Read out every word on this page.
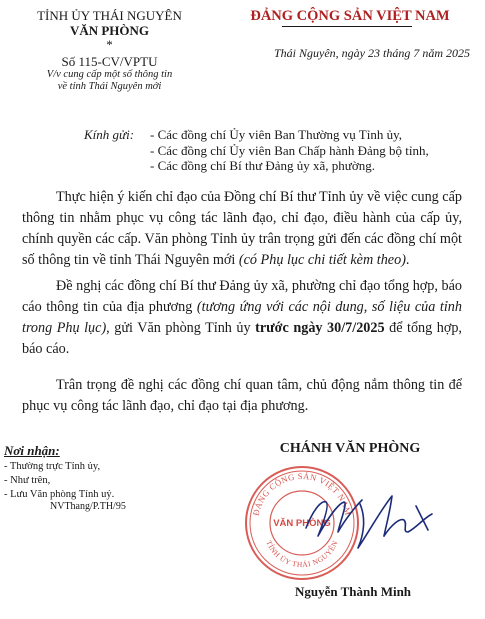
TỈNH ỦY THÁI NGUYÊN
VĂN PHÒNG
*
Số 115-CV/VPTU
V/v cung cấp một số thông tin
về tỉnh Thái Nguyên mới
ĐẢNG CỘNG SẢN VIỆT NAM
Thái Nguyên, ngày 23 tháng 7 năm 2025
Kính gửi: - Các đồng chí Ủy viên Ban Thường vụ Tỉnh ủy,
- Các đồng chí Ủy viên Ban Chấp hành Đảng bộ tỉnh,
- Các đồng chí Bí thư Đảng ủy xã, phường.
Thực hiện ý kiến chỉ đạo của Đồng chí Bí thư Tỉnh ủy về việc cung cấp thông tin nhằm phục vụ công tác lãnh đạo, chỉ đạo, điều hành của cấp ủy, chính quyền các cấp. Văn phòng Tỉnh ủy trân trọng gửi đến các đồng chí một số thông tin về tỉnh Thái Nguyên mới (có Phụ lục chi tiết kèm theo).
Đề nghị các đồng chí Bí thư Đảng ủy xã, phường chỉ đạo tổng hợp, báo cáo thông tin của địa phương (tương ứng với các nội dung, số liệu của tỉnh trong Phụ lục), gửi Văn phòng Tỉnh ủy trước ngày 30/7/2025 để tổng hợp, báo cáo.
Trân trọng đề nghị các đồng chí quan tâm, chủ động nắm thông tin để phục vụ công tác lãnh đạo, chỉ đạo tại địa phương.
Nơi nhận:
- Thường trực Tỉnh ủy,
- Như trên,
- Lưu Văn phòng Tỉnh uỷ.
NVThang/P.TH/95
CHÁNH VĂN PHÒNG
ĐẢNG CỘNG SẢN VIỆT NAM
TỈNH ỦY THÁI NGUYÊN
VĂN PHÒNG
Nguyễn Thành Minh
